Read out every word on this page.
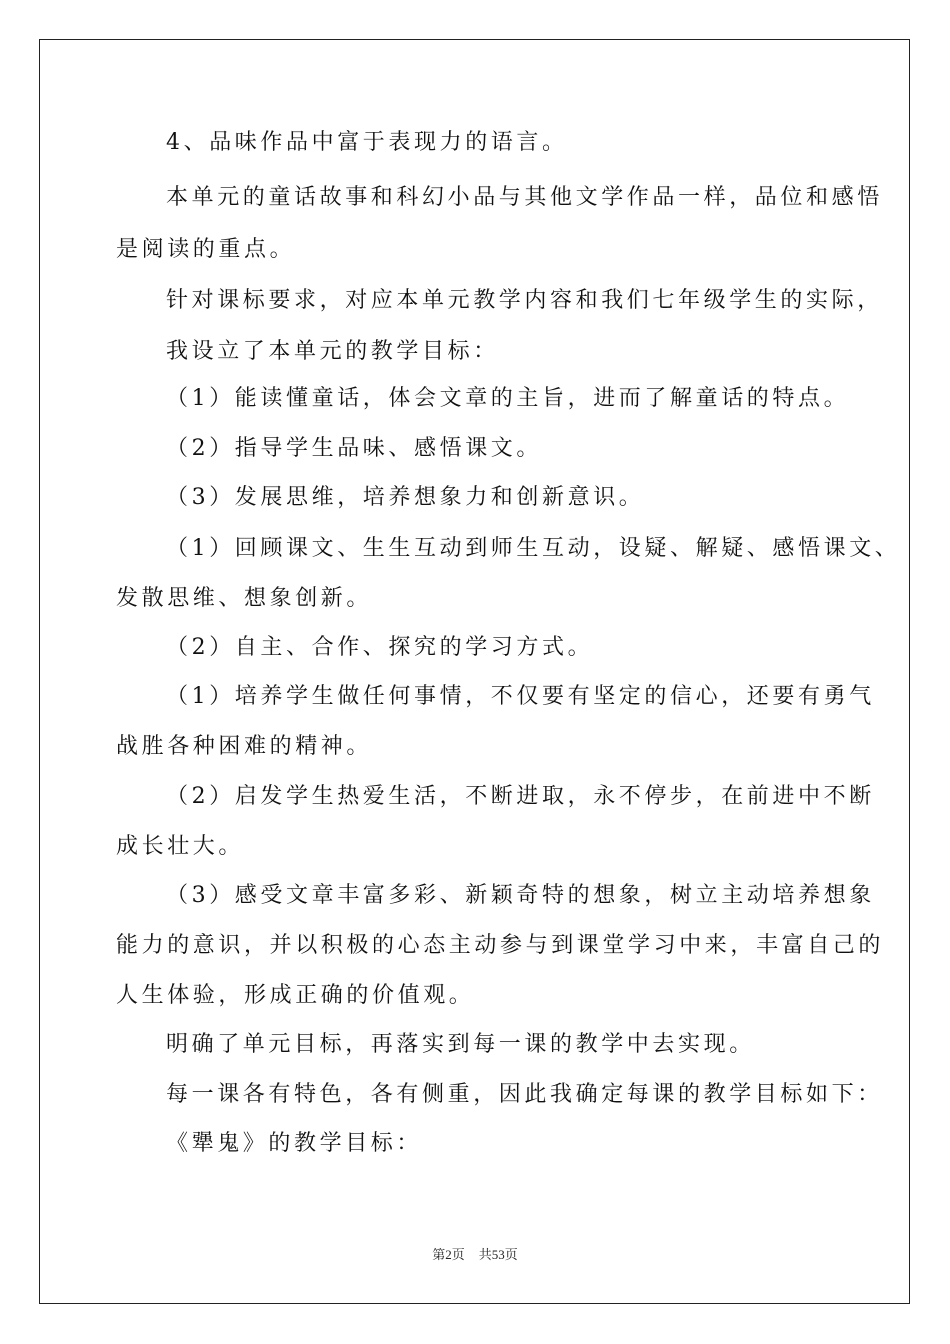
4、品味作品中富于表现力的语言。
本单元的童话故事和科幻小品与其他文学作品一样，品位和感悟
是阅读的重点。
针对课标要求，对应本单元教学内容和我们七年级学生的实际，
我设立了本单元的教学目标：
（1）能读懂童话，体会文章的主旨，进而了解童话的特点。
（2）指导学生品味、感悟课文。
（3）发展思维，培养想象力和创新意识。
（1）回顾课文、生生互动到师生互动，设疑、解疑、感悟课文、
发散思维、想象创新。
（2）自主、合作、探究的学习方式。
（1）培养学生做任何事情，不仅要有坚定的信心，还要有勇气
战胜各种困难的精神。
（2）启发学生热爱生活，不断进取，永不停步，在前进中不断
成长壮大。
（3）感受文章丰富多彩、新颖奇特的想象，树立主动培养想象
能力的意识，并以积极的心态主动参与到课堂学习中来，丰富自己的
人生体验，形成正确的价值观。
明确了单元目标，再落实到每一课的教学中去实现。
每一课各有特色，各有侧重，因此我确定每课的教学目标如下：
《犟鬼》的教学目标：
第2页 共53页
